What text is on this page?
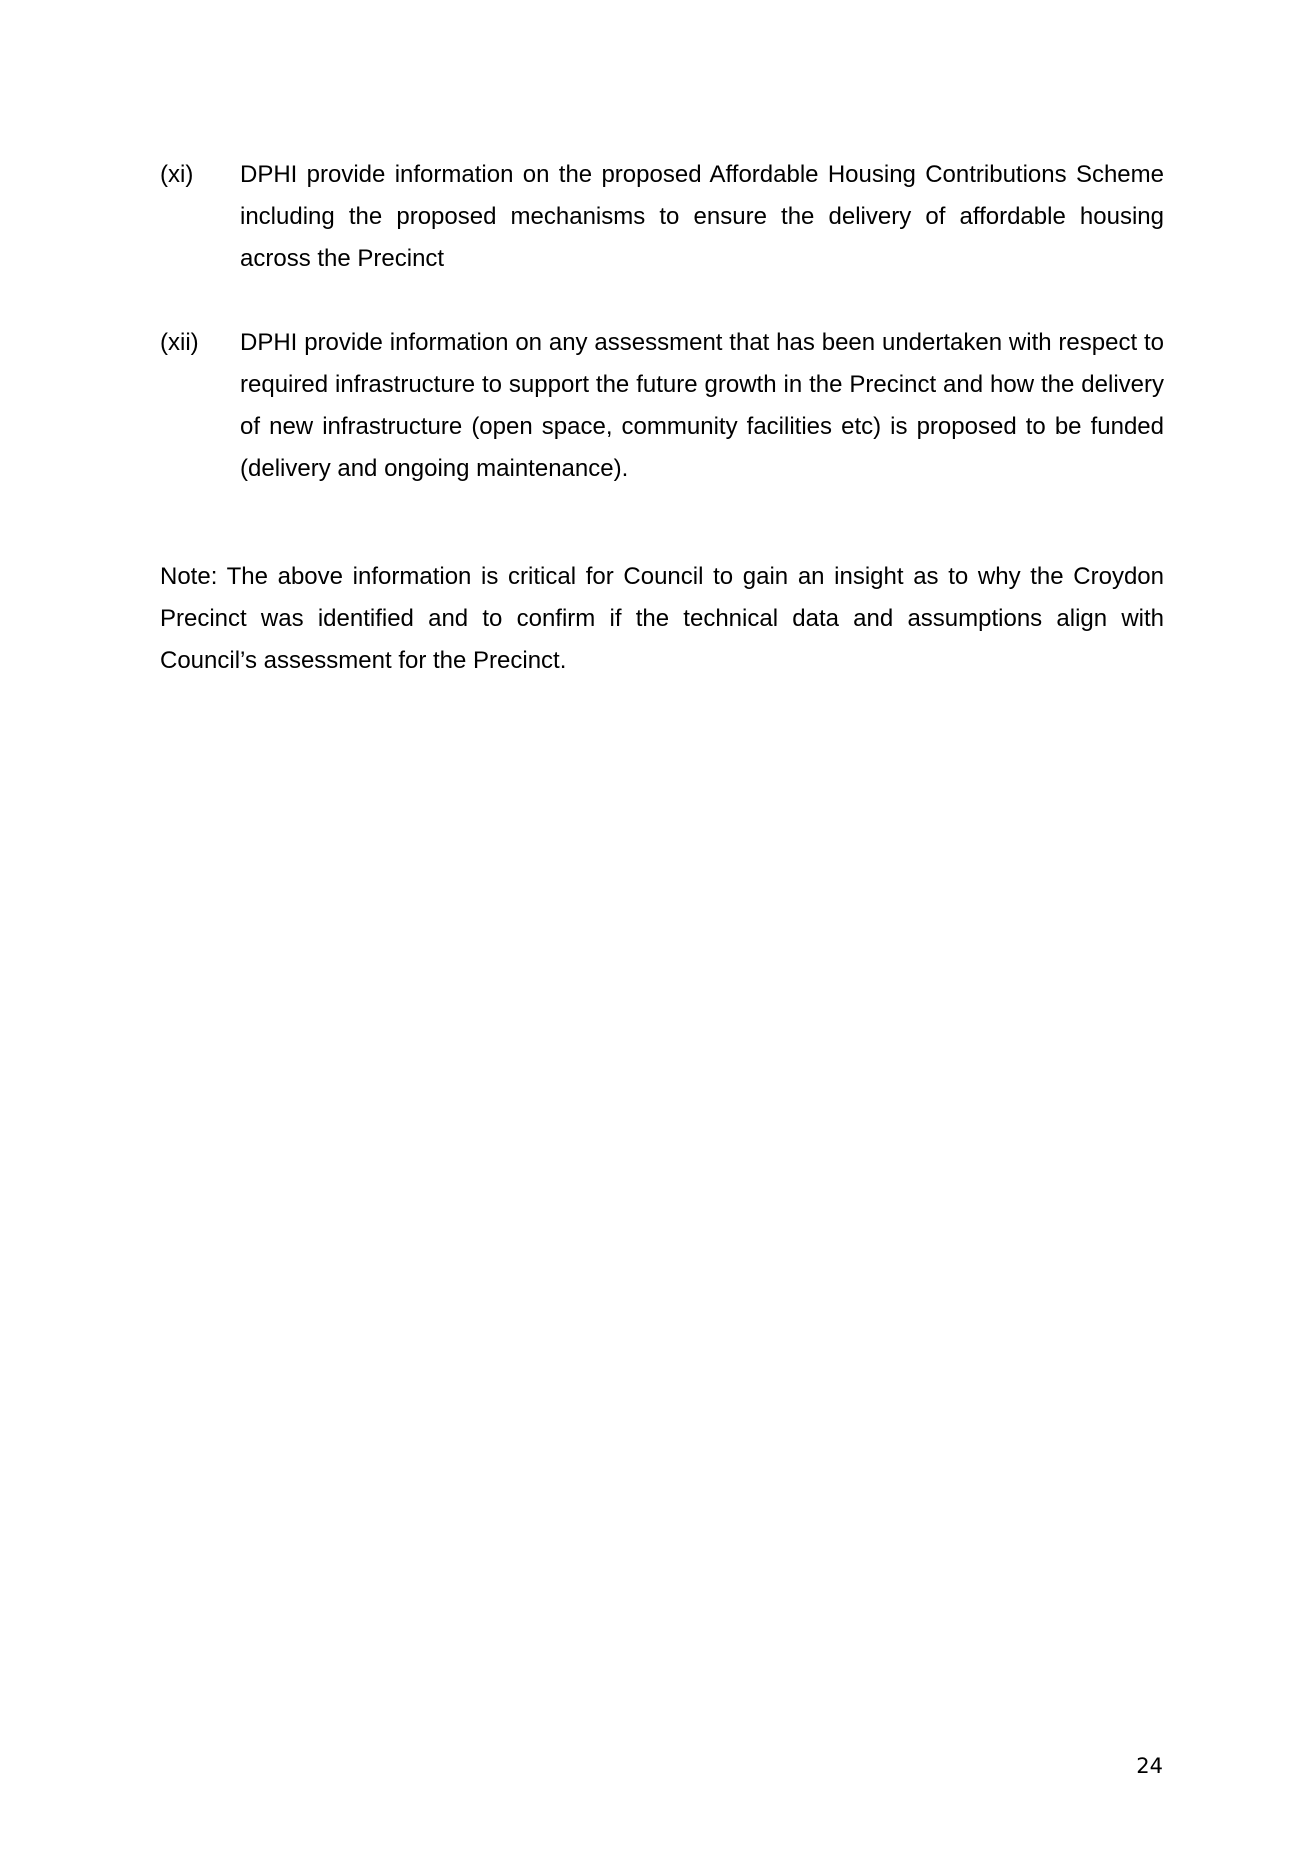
(xi)	DPHI provide information on the proposed Affordable Housing Contributions Scheme including the proposed mechanisms to ensure the delivery of affordable housing across the Precinct
(xii)	DPHI provide information on any assessment that has been undertaken with respect to required infrastructure to support the future growth in the Precinct and how the delivery of new infrastructure (open space, community facilities etc) is proposed to be funded (delivery and ongoing maintenance).

Note: The above information is critical for Council to gain an insight as to why the Croydon Precinct was identified and to confirm if the technical data and assumptions align with Council’s assessment for the Precinct.

24
